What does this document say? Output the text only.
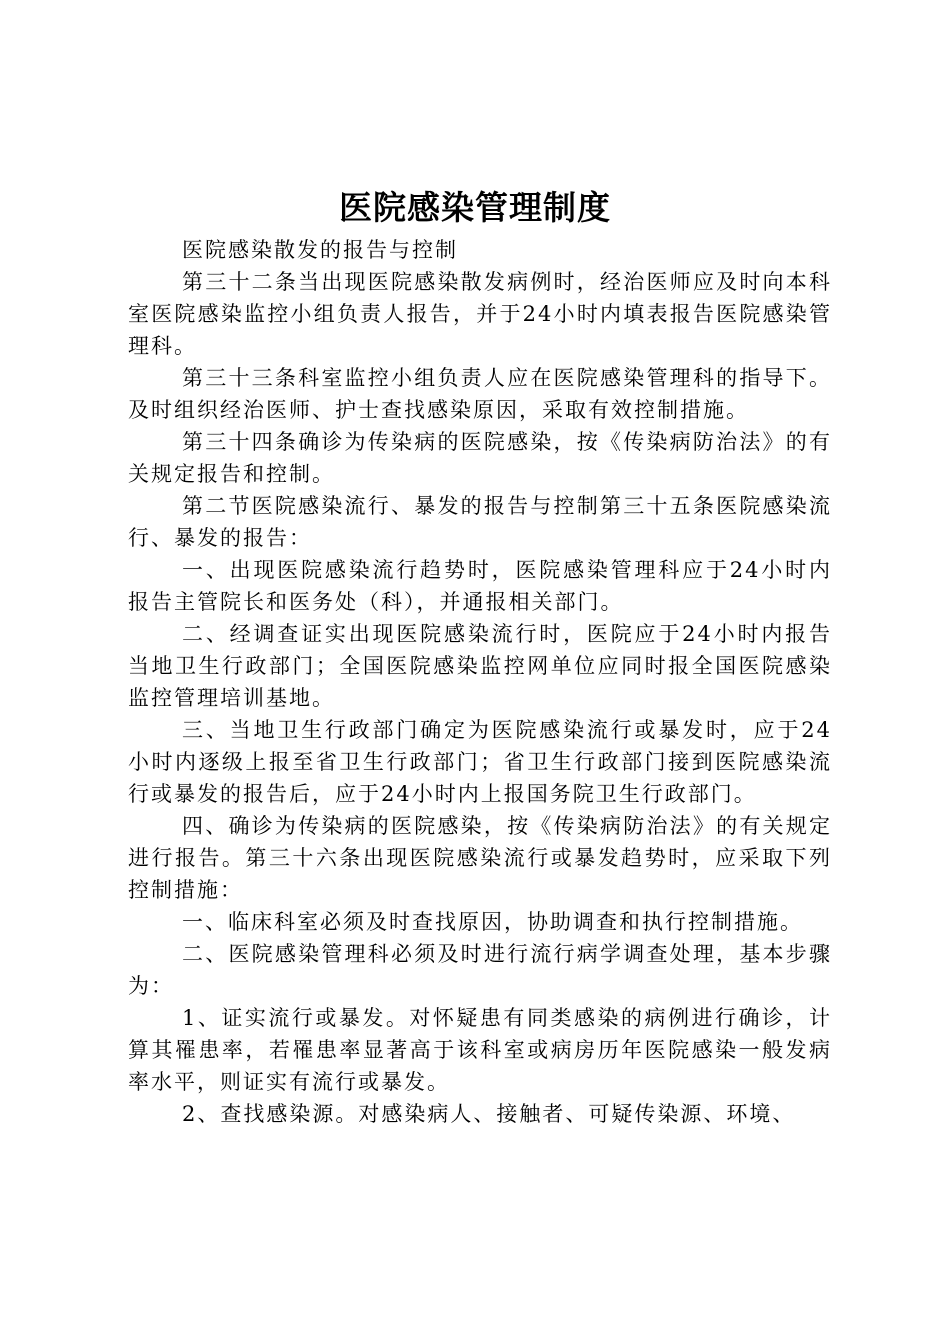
医院感染管理制度

医院感染散发的报告与控制

第三十二条当出现医院感染散发病例时，经治医师应及时向本科室医院感染监控小组负责人报告，并于24小时内填表报告医院感染管理科。

第三十三条科室监控小组负责人应在医院感染管理科的指导下。及时组织经治医师、护士查找感染原因，采取有效控制措施。

第三十四条确诊为传染病的医院感染，按《传染病防治法》的有关规定报告和控制。

第二节医院感染流行、暴发的报告与控制第三十五条医院感染流行、暴发的报告：

一、出现医院感染流行趋势时，医院感染管理科应于24小时内报告主管院长和医务处（科），并通报相关部门。

二、经调查证实出现医院感染流行时，医院应于24小时内报告当地卫生行政部门；全国医院感染监控网单位应同时报全国医院感染监控管理培训基地。

三、当地卫生行政部门确定为医院感染流行或暴发时，应于24小时内逐级上报至省卫生行政部门；省卫生行政部门接到医院感染流行或暴发的报告后，应于24小时内上报国务院卫生行政部门。

四、确诊为传染病的医院感染，按《传染病防治法》的有关规定进行报告。第三十六条出现医院感染流行或暴发趋势时，应采取下列控制措施：

一、临床科室必须及时查找原因，协助调查和执行控制措施。

二、医院感染管理科必须及时进行流行病学调查处理，基本步骤为：

1、证实流行或暴发。对怀疑患有同类感染的病例进行确诊，计算其罹患率，若罹患率显著高于该科室或病房历年医院感染一般发病率水平，则证实有流行或暴发。

2、查找感染源。对感染病人、接触者、可疑传染源、环境、
